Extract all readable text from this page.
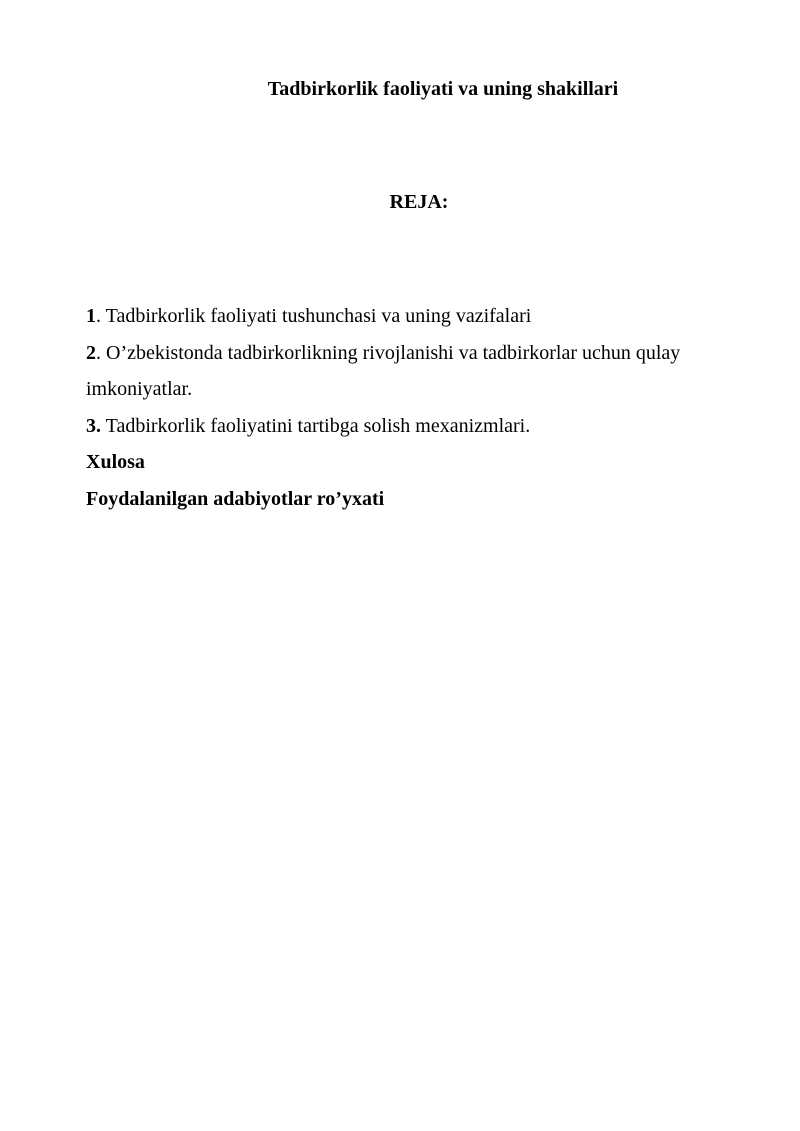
Tadbirkorlik faoliyati va uning shakillari
REJA:

1. Tadbirkorlik faoliyati tushunchasi va uning vazifalari

2. O’zbekistonda tadbirkorlikning rivojlanishi va tadbirkorlar uchun qulay imkoniyatlar.

3. Tadbirkorlik faoliyatini tartibga solish mexanizmlari.

Xulosa

Foydalanilgan adabiyotlar ro’yxati
